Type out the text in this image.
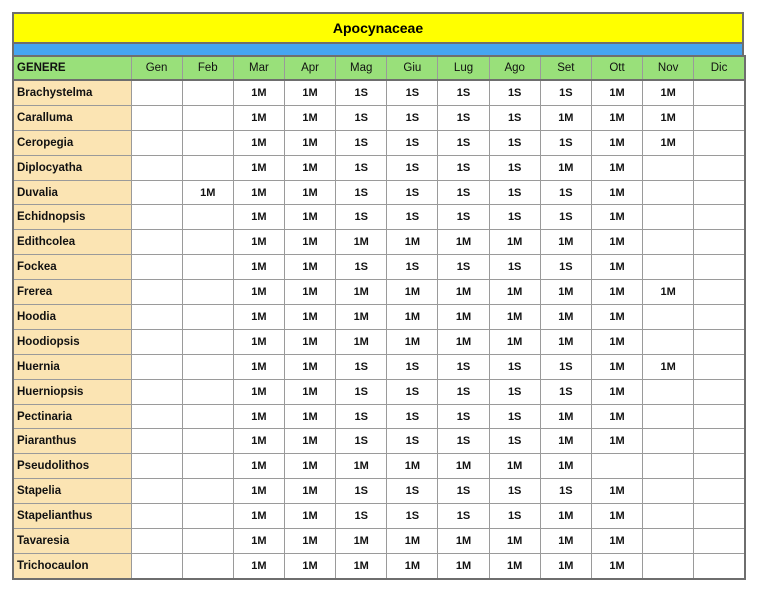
Apocynaceae
GENERE	Gen	Feb	Mar	Apr	Mag	Giu	Lug	Ago	Set	Ott	Nov	Dic
Brachystelma			1M	1M	1S	1S	1S	1S	1S	1M	1M	
Caralluma			1M	1M	1S	1S	1S	1S	1M	1M	1M	
Ceropegia			1M	1M	1S	1S	1S	1S	1S	1M	1M	
Diplocyatha			1M	1M	1S	1S	1S	1S	1M	1M		
Duvalia		1M	1M	1M	1S	1S	1S	1S	1S	1M		
Echidnopsis			1M	1M	1S	1S	1S	1S	1S	1M		
Edithcolea			1M	1M	1M	1M	1M	1M	1M	1M		
Fockea			1M	1M	1S	1S	1S	1S	1S	1M		
Frerea			1M	1M	1M	1M	1M	1M	1M	1M	1M	
Hoodia			1M	1M	1M	1M	1M	1M	1M	1M		
Hoodiopsis			1M	1M	1M	1M	1M	1M	1M	1M		
Huernia			1M	1M	1S	1S	1S	1S	1S	1M	1M	
Huerniopsis			1M	1M	1S	1S	1S	1S	1S	1M		
Pectinaria			1M	1M	1S	1S	1S	1S	1M	1M		
Piaranthus			1M	1M	1S	1S	1S	1S	1M	1M		
Pseudolithos			1M	1M	1M	1M	1M	1M	1M			
Stapelia			1M	1M	1S	1S	1S	1S	1S	1M		
Stapelianthus			1M	1M	1S	1S	1S	1S	1M	1M		
Tavaresia			1M	1M	1M	1M	1M	1M	1M	1M		
Trichocaulon			1M	1M	1M	1M	1M	1M	1M	1M		
